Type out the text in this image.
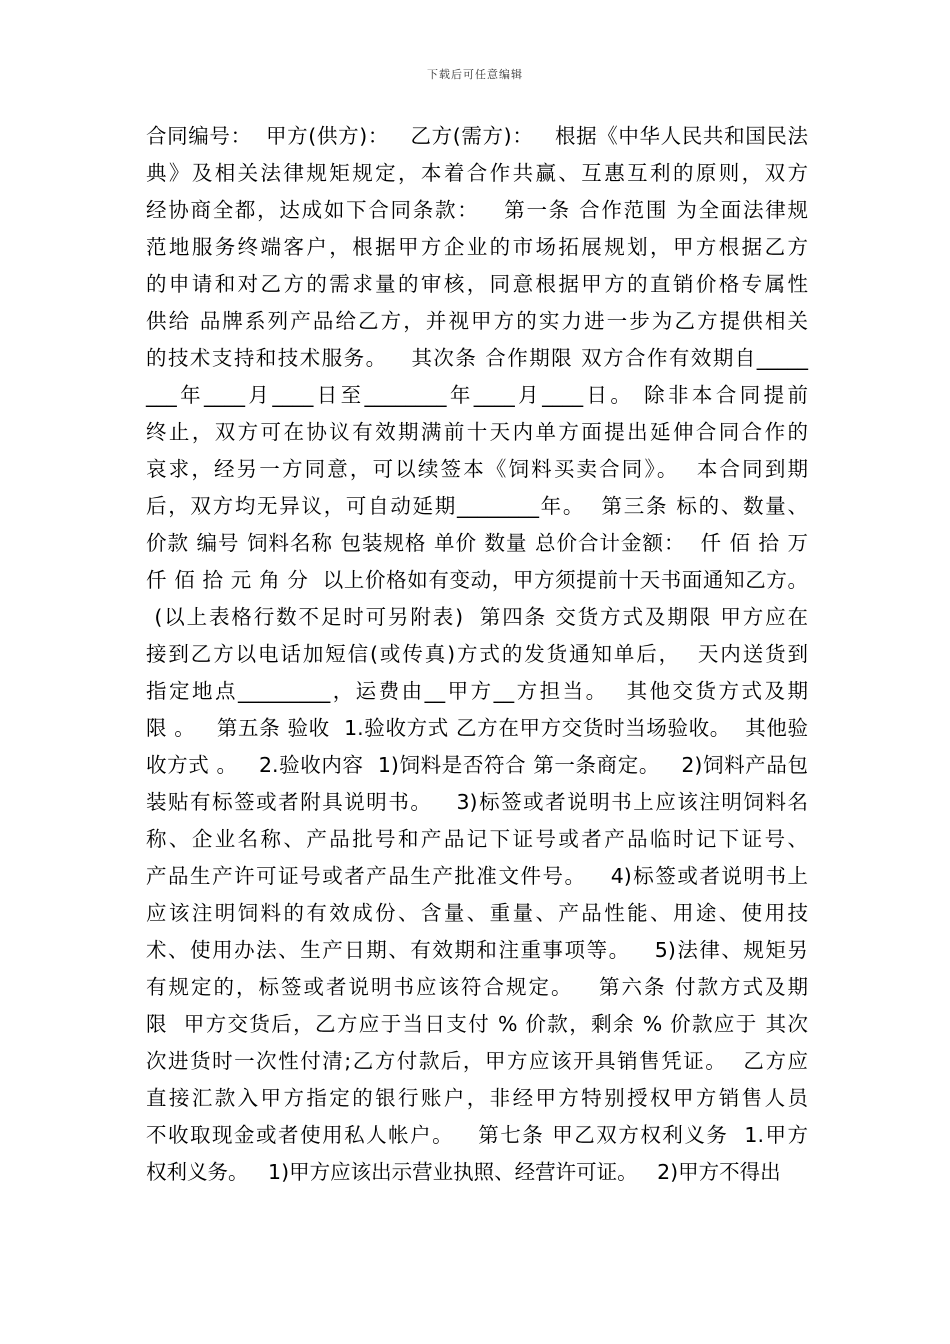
下载后可任意编辑
合同编号：  甲方(供方)：   乙方(需方)：   根据《中华人民共和国民法
典》及相关法律规矩规定，本着合作共赢、互惠互利的原则，双方
经协商全都，达成如下合同条款：   第一条 合作范围 为全面法律规
范地服务终端客户，根据甲方企业的市场拓展规划，甲方根据乙方
的申请和对乙方的需求量的审核，同意根据甲方的直销价格专属性
供给 品牌系列产品给乙方，并视甲方的实力进一步为乙方提供相关
的技术支持和技术服务。   其次条 合作期限 双方合作有效期自_____
___年____月____日至________年____月____日。 除非本合同提前
终止，双方可在协议有效期满前十天内单方面提出延伸合同合作的
哀求，经另一方同意，可以续签本《饲料买卖合同》。  本合同到期
后，双方均无异议，可自动延期________年。  第三条 标的、数量、
价款 编号 饲料名称 包装规格 单价 数量 总价合计金额：  仟 佰 拾 万
仟 佰 拾 元 角 分  以上价格如有变动，甲方须提前十天书面通知乙方。
(以上表格行数不足时可另附表)  第四条 交货方式及期限 甲方应在
接到乙方以电话加短信(或传真)方式的发货通知单后，  天内送货到
指定地点_________，运费由__甲方__方担当。  其他交货方式及期
限 。   第五条 验收  1.验收方式 乙方在甲方交货时当场验收。  其他验
收方式 。   2.验收内容  1)饲料是否符合 第一条商定。   2)饲料产品包
装贴有标签或者附具说明书。   3)标签或者说明书上应该注明饲料名
称、企业名称、产品批号和产品记下证号或者产品临时记下证号、
产品生产许可证号或者产品生产批准文件号。   4)标签或者说明书上
应该注明饲料的有效成份、含量、重量、产品性能、用途、使用技
术、使用办法、生产日期、有效期和注重事项等。   5)法律、规矩另
有规定的，标签或者说明书应该符合规定。   第六条 付款方式及期
限  甲方交货后，乙方应于当日支付 % 价款，剩余 % 价款应于 其次
次进货时一次性付清;乙方付款后，甲方应该开具销售凭证。  乙方应
直接汇款入甲方指定的银行账户，非经甲方特别授权甲方销售人员
不收取现金或者使用私人帐户。   第七条 甲乙双方权利义务  1.甲方
权利义务。   1)甲方应该出示营业执照、经营许可证。   2)甲方不得出
